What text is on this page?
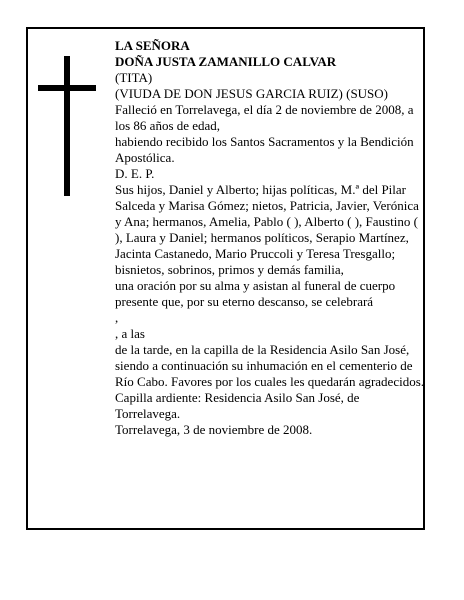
LA SEÑORA

DOÑA JUSTA ZAMANILLO CALVAR

(TITA)

(VIUDA DE DON JESUS GARCIA RUIZ) (SUSO)

Falleció en Torrelavega, el día 2 de noviembre de 2008, a los 86 años de edad,

habiendo recibido los Santos Sacramentos y la Bendición Apostólica.

D. E. P.

Sus hijos, Daniel y Alberto; hijas políticas, M.ª del Pilar Salceda y Marisa Gómez; nietos, Patricia, Javier, Verónica y Ana; hermanos, Amelia, Pablo ( ), Alberto ( ), Faustino ( ), Laura y Daniel; hermanos políticos, Serapio Martínez, Jacinta Castanedo, Mario Pruccoli y Teresa Tresgallo; bisnietos, sobrinos, primos y demás familia,

una oración por su alma y asistan al funeral de cuerpo presente que, por su eterno descanso, se celebrará

,

, a las

de la tarde, en la capilla de la Residencia Asilo San José, siendo a continuación su inhumación en el cementerio de Río Cabo. Favores por los cuales les quedarán agradecidos. Capilla ardiente: Residencia Asilo San José, de Torrelavega.

Torrelavega, 3 de noviembre de 2008.
